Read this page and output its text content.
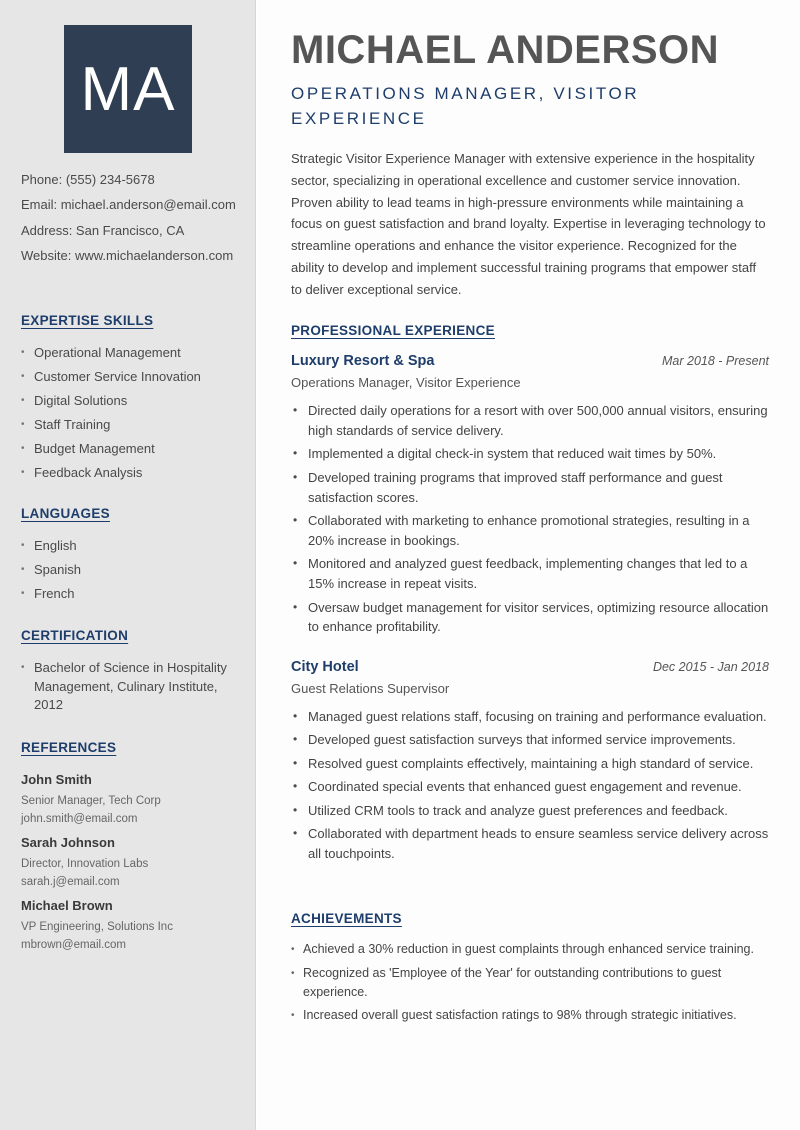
MA
Phone: (555) 234-5678
Email: michael.anderson@email.com
Address: San Francisco, CA
Website: www.michaelanderson.com
EXPERTISE SKILLS
• Operational Management
• Customer Service Innovation
• Digital Solutions
• Staff Training
• Budget Management
• Feedback Analysis
LANGUAGES
• English
• Spanish
• French
CERTIFICATION
• Bachelor of Science in Hospitality Management, Culinary Institute, 2012
REFERENCES
John Smith
Senior Manager, Tech Corp
john.smith@email.com
Sarah Johnson
Director, Innovation Labs
sarah.j@email.com
Michael Brown
VP Engineering, Solutions Inc
mbrown@email.com
MICHAEL ANDERSON
OPERATIONS MANAGER, VISITOR EXPERIENCE
Strategic Visitor Experience Manager with extensive experience in the hospitality sector, specializing in operational excellence and customer service innovation. Proven ability to lead teams in high-pressure environments while maintaining a focus on guest satisfaction and brand loyalty. Expertise in leveraging technology to streamline operations and enhance the visitor experience. Recognized for the ability to develop and implement successful training programs that empower staff to deliver exceptional service.
PROFESSIONAL EXPERIENCE
Luxury Resort & Spa	Mar 2018 - Present
Operations Manager, Visitor Experience
• Directed daily operations for a resort with over 500,000 annual visitors, ensuring high standards of service delivery.
• Implemented a digital check-in system that reduced wait times by 50%.
• Developed training programs that improved staff performance and guest satisfaction scores.
• Collaborated with marketing to enhance promotional strategies, resulting in a 20% increase in bookings.
• Monitored and analyzed guest feedback, implementing changes that led to a 15% increase in repeat visits.
• Oversaw budget management for visitor services, optimizing resource allocation to enhance profitability.
City Hotel	Dec 2015 - Jan 2018
Guest Relations Supervisor
• Managed guest relations staff, focusing on training and performance evaluation.
• Developed guest satisfaction surveys that informed service improvements.
• Resolved guest complaints effectively, maintaining a high standard of service.
• Coordinated special events that enhanced guest engagement and revenue.
• Utilized CRM tools to track and analyze guest preferences and feedback.
• Collaborated with department heads to ensure seamless service delivery across all touchpoints.
ACHIEVEMENTS
• Achieved a 30% reduction in guest complaints through enhanced service training.
• Recognized as 'Employee of the Year' for outstanding contributions to guest experience.
• Increased overall guest satisfaction ratings to 98% through strategic initiatives.
